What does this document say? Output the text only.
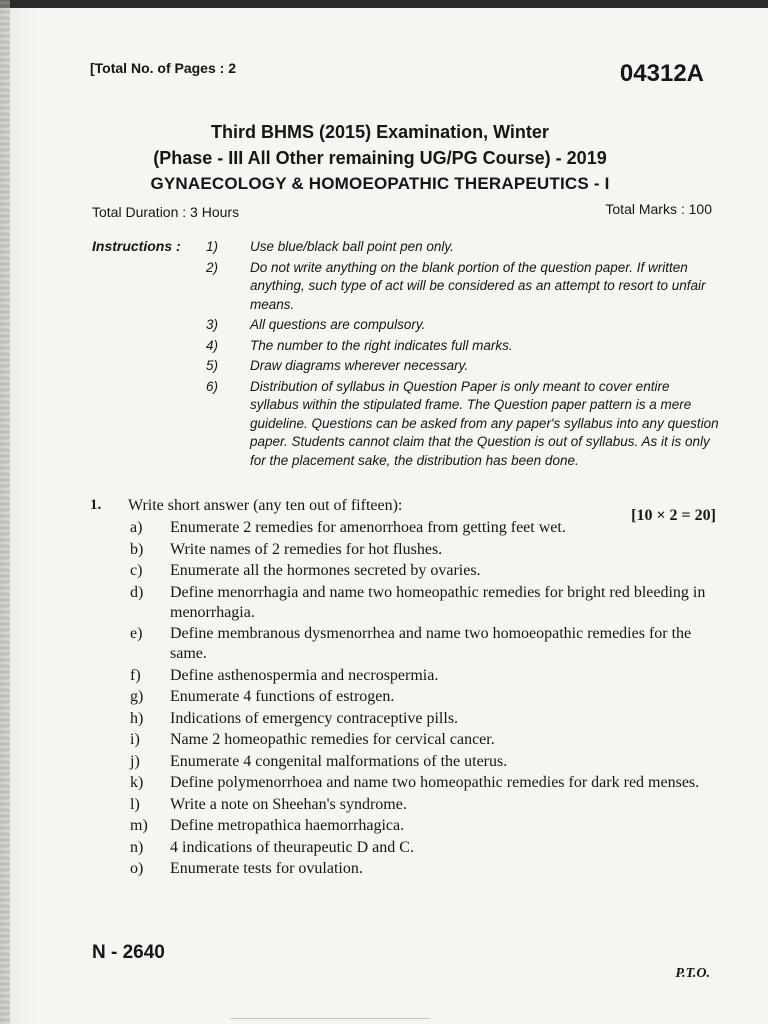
[Total No. of Pages : 2	04312A
Third BHMS (2015) Examination, Winter
(Phase - III All Other remaining UG/PG Course) - 2019
GYNAECOLOGY & HOMOEOPATHIC THERAPEUTICS - I
Total Duration : 3 Hours	Total Marks : 100
Instructions :	1)	Use blue/black ball point pen only.
2)	Do not write anything on the blank portion of the question paper. If written anything, such type of act will be considered as an attempt to resort to unfair means.
3)	All questions are compulsory.
4)	The number to the right indicates full marks.
5)	Draw diagrams wherever necessary.
6)	Distribution of syllabus in Question Paper is only meant to cover entire syllabus within the stipulated frame. The Question paper pattern is a mere guideline. Questions can be asked from any paper's syllabus into any question paper. Students cannot claim that the Question is out of syllabus. As it is only for the placement sake, the distribution has been done.
1. Write short answer (any ten out of fifteen):
[10 × 2 = 20]
a)	Enumerate 2 remedies for amenorrhoea from getting feet wet.
b)	Write names of 2 remedies for hot flushes.
c)	Enumerate all the hormones secreted by ovaries.
d)	Define menorrhagia and name two homeopathic remedies for bright red bleeding in menorrhagia.
e)	Define membranous dysmenorrhea and name two homoeopathic remedies for the same.
f)	Define asthenospermia and necrospermia.
g)	Enumerate 4 functions of estrogen.
h)	Indications of emergency contraceptive pills.
i)	Name 2 homeopathic remedies for cervical cancer.
j)	Enumerate 4 congenital malformations of the uterus.
k)	Define polymenorrhoea and name two homeopathic remedies for dark red menses.
l)	Write a note on Sheehan's syndrome.
m)	Define metropathica haemorrhagica.
n)	4 indications of theurapeutic D and C.
o)	Enumerate tests for ovulation.
N - 2640
P.T.O.
